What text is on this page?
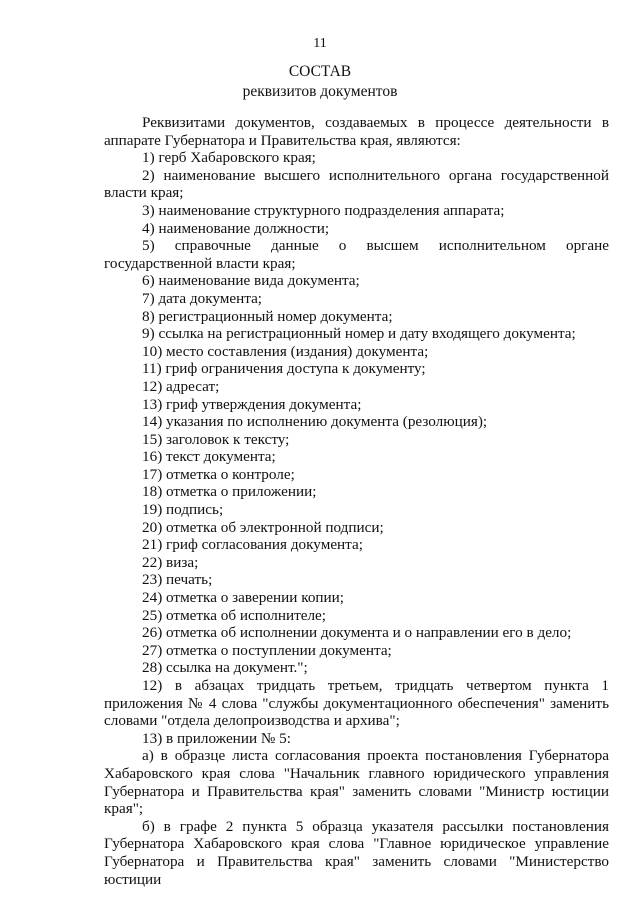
11
СОСТАВ
реквизитов документов

Реквизитами документов, создаваемых в процессе деятельности в аппарате Губернатора и Правительства края, являются:

1) герб Хабаровского края;

2) наименование высшего исполнительного органа государственной власти края;

3) наименование структурного подразделения аппарата;

4) наименование должности;

5) справочные данные о высшем исполнительном органе государственной власти края;

6) наименование вида документа;

7) дата документа;

8) регистрационный номер документа;

9) ссылка на регистрационный номер и дату входящего документа;

10) место составления (издания) документа;

11) гриф ограничения доступа к документу;

12) адресат;

13) гриф утверждения документа;

14) указания по исполнению документа (резолюция);

15) заголовок к тексту;

16) текст документа;

17) отметка о контроле;

18) отметка о приложении;

19) подпись;

20) отметка об электронной подписи;

21) гриф согласования документа;

22) виза;

23) печать;

24) отметка о заверении копии;

25) отметка об исполнителе;

26) отметка об исполнении документа и о направлении его в дело;

27) отметка о поступлении документа;

28) ссылка на документ.";

12) в абзацах тридцать третьем, тридцать четвертом пункта 1 приложения № 4 слова "службы документационного обеспечения" заменить словами "отдела делопроизводства и архива";

13) в приложении № 5:

а) в образце листа согласования проекта постановления Губернатора Хабаровского края слова "Начальник главного юридического управления Губернатора и Правительства края" заменить словами "Министр юстиции края";

б) в графе 2 пункта 5 образца указателя рассылки постановления Губернатора Хабаровского края слова "Главное юридическое управление Губернатора и Правительства края" заменить словами "Министерство юстиции
